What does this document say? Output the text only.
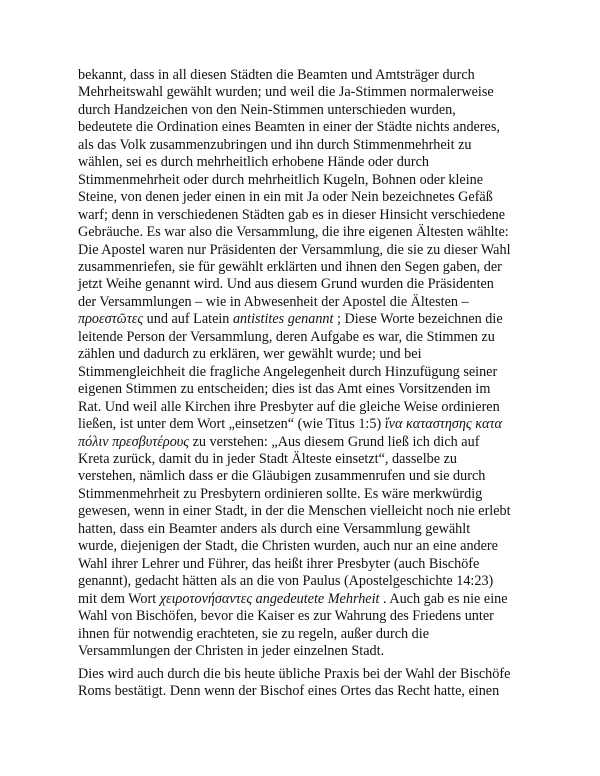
bekannt, dass in all diesen Städten die Beamten und Amtsträger durch
Mehrheitswahl gewählt wurden; und weil die Ja-Stimmen normalerweise
durch Handzeichen von den Nein-Stimmen unterschieden wurden,
bedeutete die Ordination eines Beamten in einer der Städte nichts anderes,
als das Volk zusammenzubringen und ihn durch Stimmenmehrheit zu
wählen, sei es durch mehrheitlich erhobene Hände oder durch
Stimmenmehrheit oder durch mehrheitlich Kugeln, Bohnen oder kleine
Steine, von denen jeder einen in ein mit Ja oder Nein bezeichnetes Gefäß
warf; denn in verschiedenen Städten gab es in dieser Hinsicht verschiedene
Gebräuche. Es war also die Versammlung, die ihre eigenen Ältesten wählte:
Die Apostel waren nur Präsidenten der Versammlung, die sie zu dieser Wahl
zusammenriefen, sie für gewählt erklärten und ihnen den Segen gaben, der
jetzt Weihe genannt wird. Und aus diesem Grund wurden die Präsidenten
der Versammlungen – wie in Abwesenheit der Apostel die Ältesten –
προεστῶτες und auf Latein antistites genannt ; Diese Worte bezeichnen die
leitende Person der Versammlung, deren Aufgabe es war, die Stimmen zu
zählen und dadurch zu erklären, wer gewählt wurde; und bei
Stimmengleichheit die fragliche Angelegenheit durch Hinzufügung seiner
eigenen Stimmen zu entscheiden; dies ist das Amt eines Vorsitzenden im
Rat. Und weil alle Kirchen ihre Presbyter auf die gleiche Weise ordinieren
ließen, ist unter dem Wort „einsetzen“ (wie Titus 1:5) ἵνα καταστησης κατα
πόλιν πρεσβυτέρους zu verstehen: „Aus diesem Grund ließ ich dich auf
Kreta zurück, damit du in jeder Stadt Älteste einsetzt“, dasselbe zu
verstehen, nämlich dass er die Gläubigen zusammenrufen und sie durch
Stimmenmehrheit zu Presbytern ordinieren sollte. Es wäre merkwürdig
gewesen, wenn in einer Stadt, in der die Menschen vielleicht noch nie erlebt
hatten, dass ein Beamter anders als durch eine Versammlung gewählt
wurde, diejenigen der Stadt, die Christen wurden, auch nur an eine andere
Wahl ihrer Lehrer und Führer, das heißt ihrer Presbyter (auch Bischöfe
genannt), gedacht hätten als an die von Paulus (Apostelgeschichte 14:23)
mit dem Wort χειροτονήσαντες angedeutete Mehrheit . Auch gab es nie eine
Wahl von Bischöfen, bevor die Kaiser es zur Wahrung des Friedens unter
ihnen für notwendig erachteten, sie zu regeln, außer durch die
Versammlungen der Christen in jeder einzelnen Stadt.
Dies wird auch durch die bis heute übliche Praxis bei der Wahl der Bischöfe
Roms bestätigt. Denn wenn der Bischof eines Ortes das Recht hatte, einen
